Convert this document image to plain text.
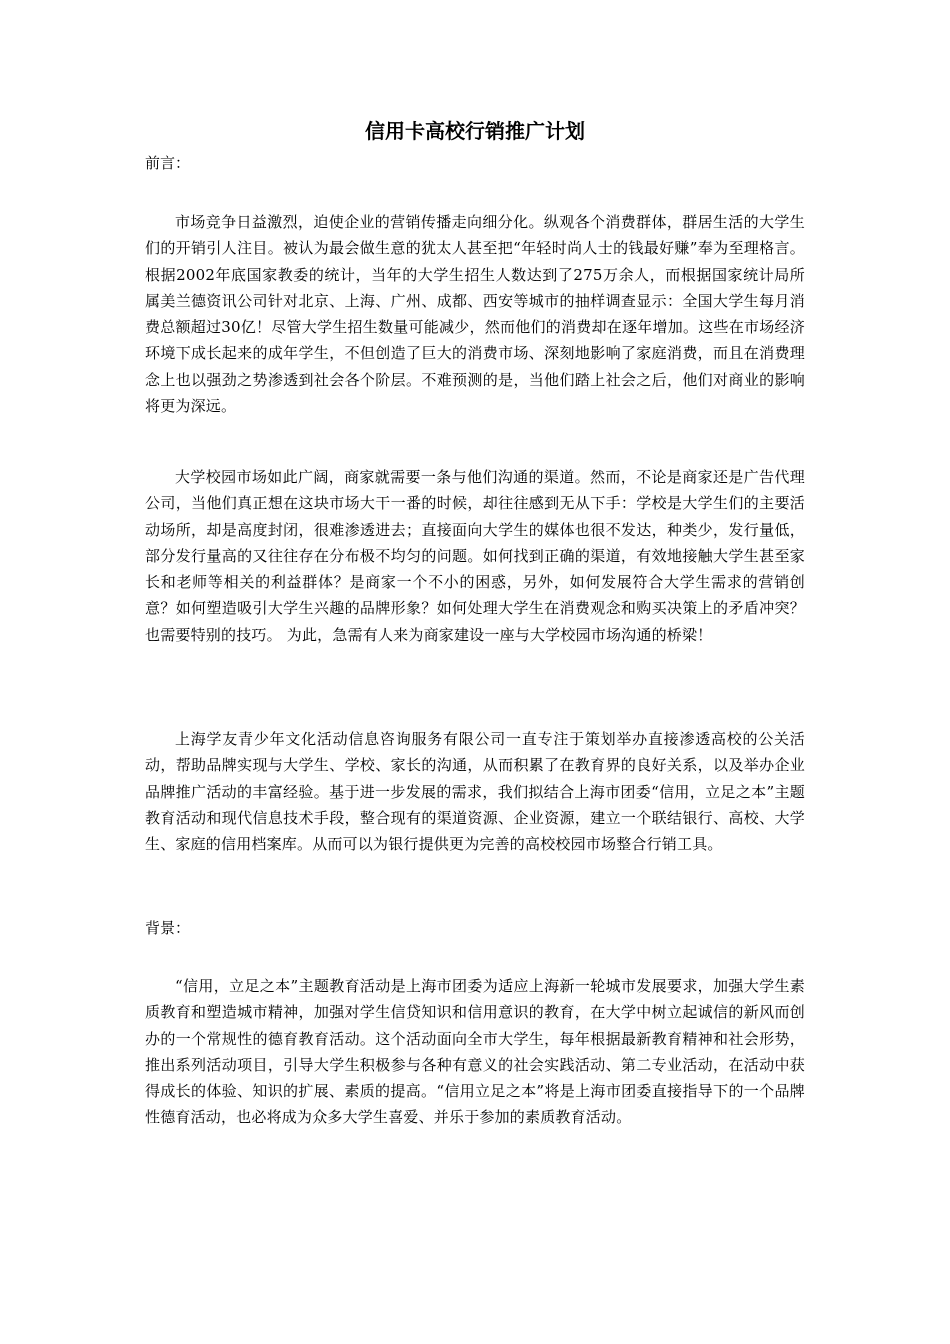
信用卡高校行销推广计划

前言：

市场竞争日益激烈，迫使企业的营销传播走向细分化。纵观各个消费群体，群居生活的大学生们的开销引人注目。被认为最会做生意的犹太人甚至把“年轻时尚人士的钱最好赚”奉为至理格言。根据2002年底国家教委的统计，当年的大学生招生人数达到了275万余人，而根据国家统计局所属美兰德资讯公司针对北京、上海、广州、成都、西安等城市的抽样调查显示：全国大学生每月消费总额超过30亿！尽管大学生招生数量可能减少，然而他们的消费却在逐年增加。这些在市场经济环境下成长起来的成年学生，不但创造了巨大的消费市场、深刻地影响了家庭消费，而且在消费理念上也以强劲之势渗透到社会各个阶层。不难预测的是，当他们踏上社会之后，他们对商业的影响将更为深远。

大学校园市场如此广阔，商家就需要一条与他们沟通的渠道。然而，不论是商家还是广告代理公司，当他们真正想在这块市场大干一番的时候，却往往感到无从下手：学校是大学生们的主要活动场所，却是高度封闭，很难渗透进去；直接面向大学生的媒体也很不发达，种类少，发行量低，部分发行量高的又往往存在分布极不均匀的问题。如何找到正确的渠道，有效地接触大学生甚至家长和老师等相关的利益群体？是商家一个不小的困惑，另外，如何发展符合大学生需求的营销创意？如何塑造吸引大学生兴趣的品牌形象？如何处理大学生在消费观念和购买决策上的矛盾冲突？也需要特别的技巧。 为此，急需有人来为商家建设一座与大学校园市场沟通的桥梁！

上海学友青少年文化活动信息咨询服务有限公司一直专注于策划举办直接渗透高校的公关活动，帮助品牌实现与大学生、学校、家长的沟通，从而积累了在教育界的良好关系，以及举办企业品牌推广活动的丰富经验。基于进一步发展的需求，我们拟结合上海市团委“信用，立足之本”主题教育活动和现代信息技术手段，整合现有的渠道资源、企业资源，建立一个联结银行、高校、大学生、家庭的信用档案库。从而可以为银行提供更为完善的高校校园市场整合行销工具。

背景：

“信用，立足之本”主题教育活动是上海市团委为适应上海新一轮城市发展要求，加强大学生素质教育和塑造城市精神，加强对学生信贷知识和信用意识的教育，在大学中树立起诚信的新风而创办的一个常规性的德育教育活动。这个活动面向全市大学生，每年根据最新教育精神和社会形势，推出系列活动项目，引导大学生积极参与各种有意义的社会实践活动、第二专业活动，在活动中获得成长的体验、知识的扩展、素质的提高。“信用立足之本”将是上海市团委直接指导下的一个品牌性德育活动，也必将成为众多大学生喜爱、并乐于参加的素质教育活动。
